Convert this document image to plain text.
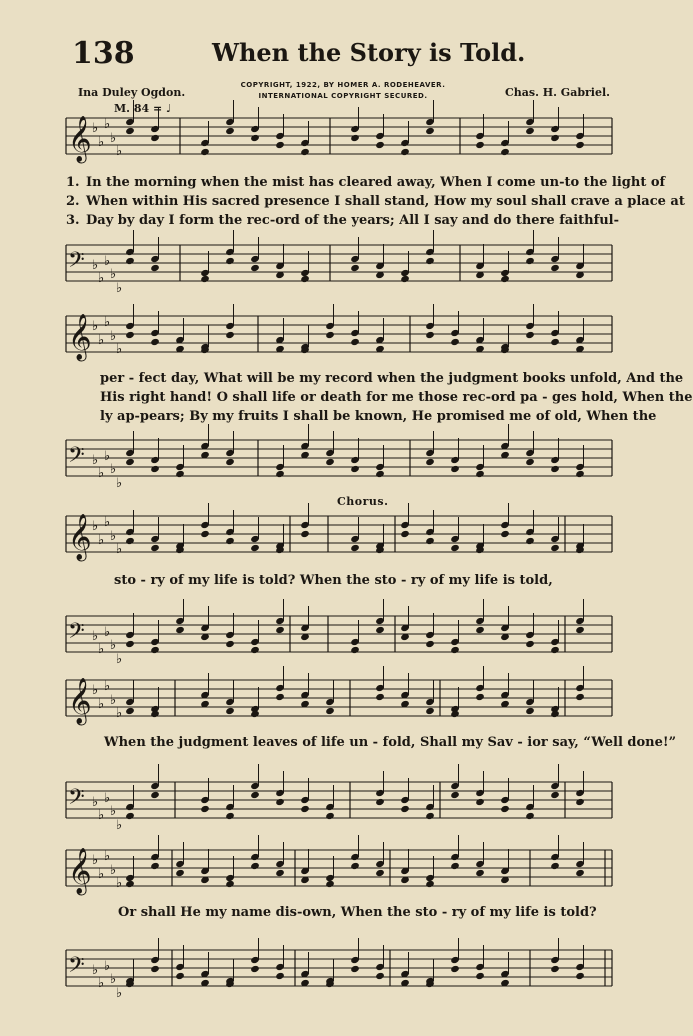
138	When the Story is Told.
Ina Duley Ogdon.
COPYRIGHT, 1922, BY HOMER A. RODEHEAVER.
INTERNATIONAL COPYRIGHT SECURED.	Chas. H. Gabriel.
M. 84 = ♩
𝄞 ♭
♭
♭
♭
♭
𝄢 ♭
♭
♭
♭
♭
𝄞 ♭
♭
♭
♭
♭
𝄢 ♭
♭
♭
♭
♭
𝄞 ♭
♭
♭
♭
♭
𝄢 ♭
♭
♭
♭
♭
𝄞 ♭
♭
♭
♭
♭
𝄢 ♭
♭
♭
♭
♭
𝄞 ♭
♭
♭
♭
♭
𝄢 ♭
♭
♭
♭
♭
1. In the morning when the mist has cleared away, When I come un-to the light of
2. When within His sacred presence I shall stand, How my soul shall crave a place at
3. Day by day I form the rec-ord of the years; All I say and do there faithful-
per - fect day, What will be my record when the judgment books unfold, And the
His right hand! O shall life or death for me those rec-ord pa - ges hold, When the
ly ap-pears; By my fruits I shall be known, He promised me of old, When the
Chorus.
sto - ry of my life is told? When the sto - ry of my life is told,
When the judgment leaves of life un - fold, Shall my Sav - ior say, “Well done!”
Or shall He my name dis-own, When the sto - ry of my life is told?
